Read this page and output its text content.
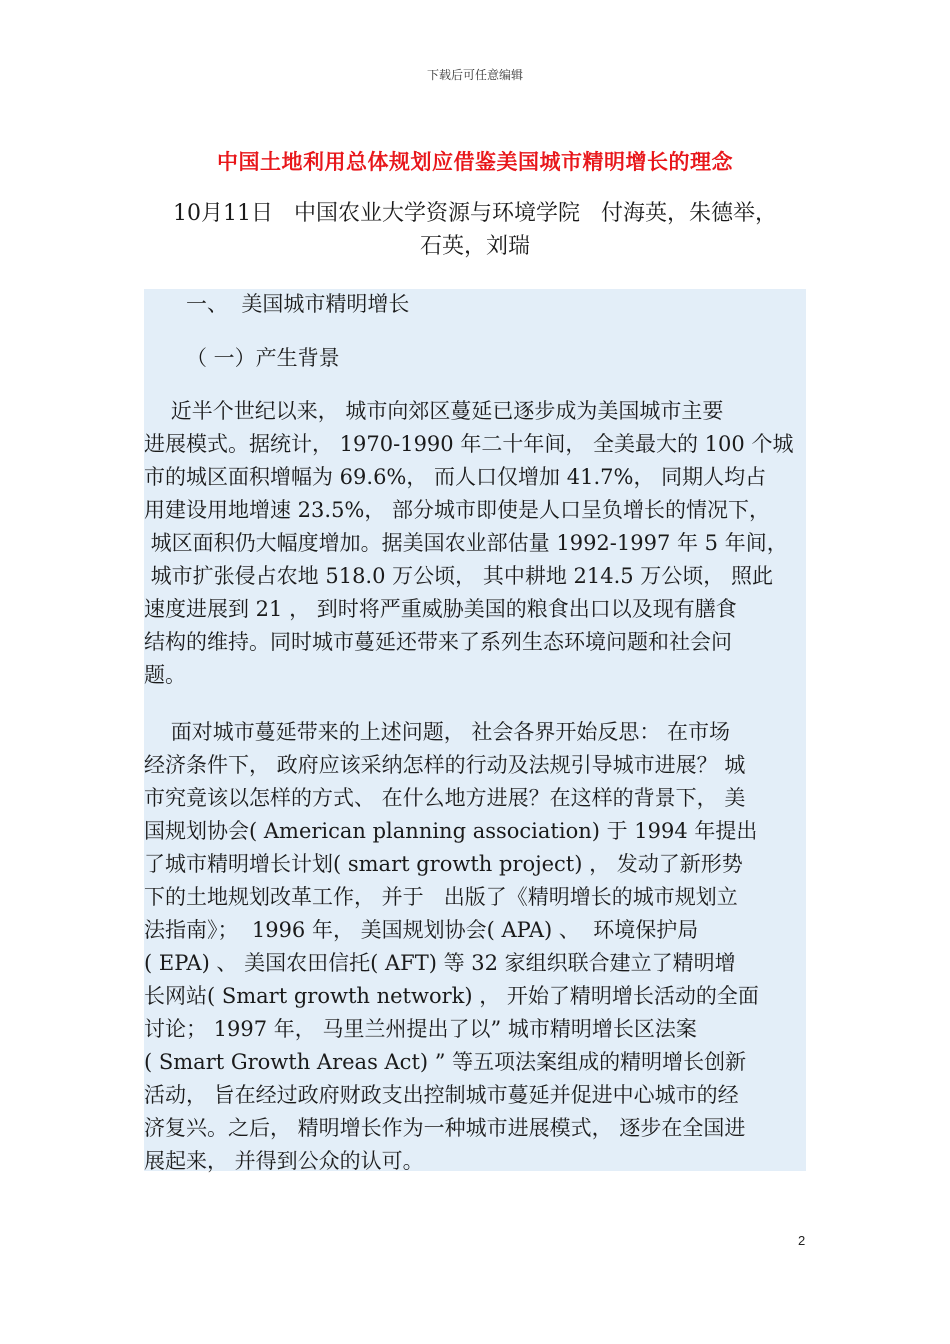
下载后可任意编辑
中国土地利用总体规划应借鉴美国城市精明增长的理念
10月11日   中国农业大学资源与环境学院   付海英，朱德举，
石英，刘瑞
一、  美国城市精明增长
（ 一）产生背景
近半个世纪以来， 城市向郊区蔓延已逐步成为美国城市主要
进展模式。据统计， 1970-1990 年二十年间， 全美最大的 100 个城
市的城区面积增幅为 69.6%， 而人口仅增加 41.7%， 同期人均占
用建设用地增速 23.5%， 部分城市即使是人口呈负增长的情况下，
城区面积仍大幅度增加。据美国农业部估量 1992-1997 年 5 年间，
城市扩张侵占农地 518.0 万公顷， 其中耕地 214.5 万公顷， 照此
速度进展到 21 ， 到时将严重威胁美国的粮食出口以及现有膳食
结构的维持。同时城市蔓延还带来了系列生态环境问题和社会问
题。
面对城市蔓延带来的上述问题， 社会各界开始反思： 在市场
经济条件下， 政府应该采纳怎样的行动及法规引导城市进展？ 城
市究竟该以怎样的方式、 在什么地方进展？在这样的背景下， 美
国规划协会( American planning association) 于 1994 年提出
了城市精明增长计划( smart growth project) ， 发动了新形势
下的土地规划改革工作， 并于   出版了《精明增长的城市规划立
法指南》；  1996 年， 美国规划协会( APA) 、  环境保护局
( EPA) 、 美国农田信托( AFT) 等 32 家组织联合建立了精明增
长网站( Smart growth network) ， 开始了精明增长活动的全面
讨论； 1997 年， 马里兰州提出了以” 城市精明增长区法案
( Smart Growth Areas Act) ” 等五项法案组成的精明增长创新
活动， 旨在经过政府财政支出控制城市蔓延并促进中心城市的经
济复兴。之后， 精明增长作为一种城市进展模式， 逐步在全国进
展起来， 并得到公众的认可。
2
